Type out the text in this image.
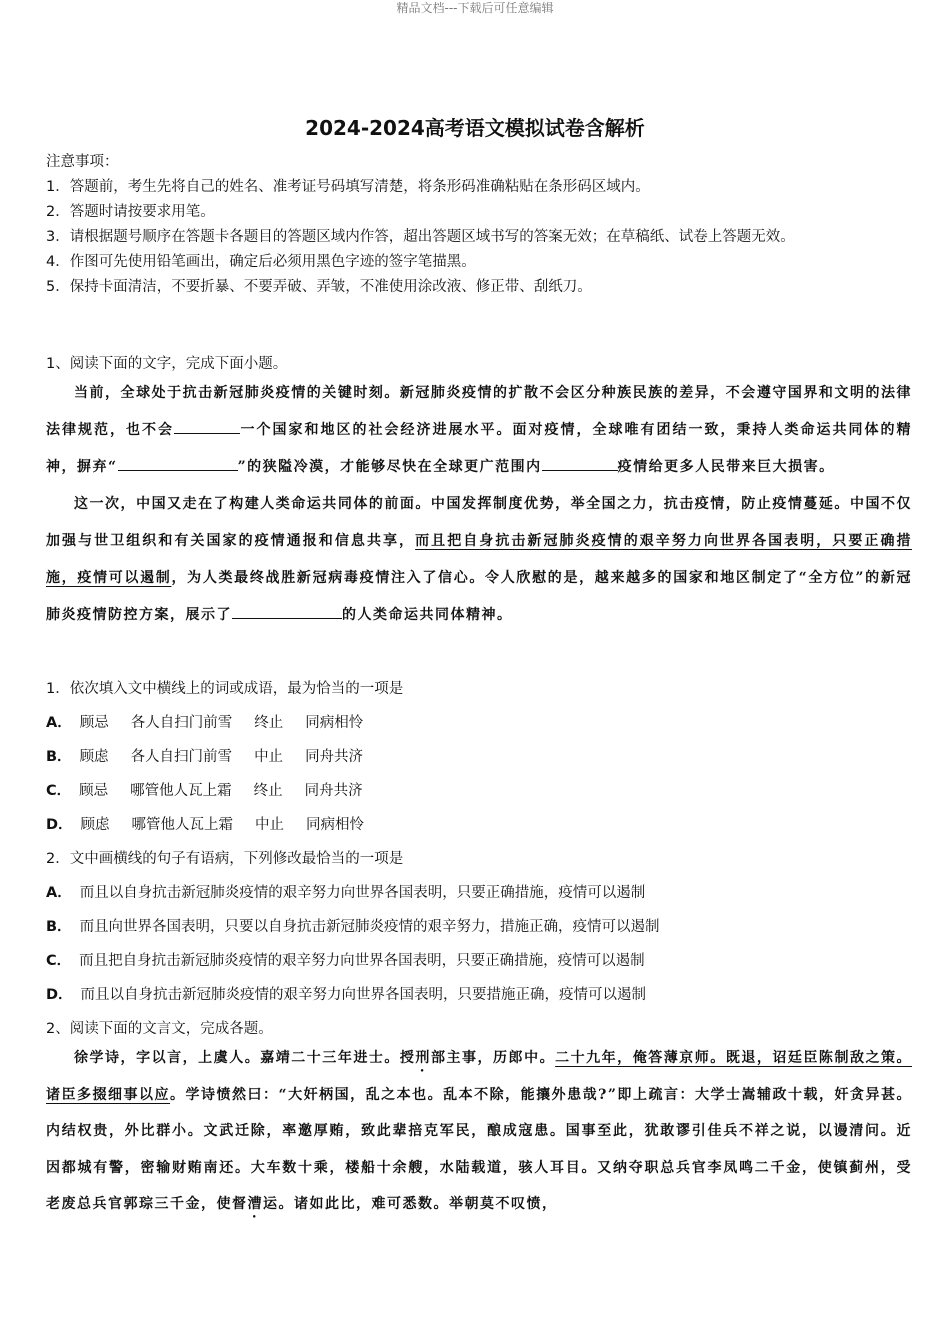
精品文档---下载后可任意编辑
2024-2024高考语文模拟试卷含解析
注意事项：
1．答题前，考生先将自己的姓名、准考证号码填写清楚，将条形码准确粘贴在条形码区域内。
2．答题时请按要求用笔。
3．请根据题号顺序在答题卡各题目的答题区域内作答，超出答题区域书写的答案无效；在草稿纸、试卷上答题无效。
4．作图可先使用铅笔画出，确定后必须用黑色字迹的签字笔描黑。
5．保持卡面清洁，不要折暴、不要弄破、弄皱，不准使用涂改液、修正带、刮纸刀。
1、阅读下面的文字，完成下面小题。

当前，全球处于抗击新冠肺炎疫情的关键时刻。新冠肺炎疫情的扩散不会区分种族民族的差异，不会遵守国界和文明的法律法律规范，也不会	一个国家和地区的社会经济进展水平。面对疫情，全球唯有团结一致，秉持人类命运共同体的精神，摒弃“	”的狭隘冷漠，才能够尽快在全球更广范围内	疫情给更多人民带来巨大损害。

这一次，中国又走在了构建人类命运共同体的前面。中国发挥制度优势，举全国之力，抗击疫情，防止疫情蔓延。中国不仅加强与世卫组织和有关国家的疫情通报和信息共享，而且把自身抗击新冠肺炎疫情的艰辛努力向世界各国表明，只要正确措施，疫情可以遏制，为人类最终战胜新冠病毒疫情注入了信心。令人欣慰的是，越来越多的国家和地区制定了“全方位”的新冠肺炎疫情防控方案，展示了	的人类命运共同体精神。

1．依次填入文中横线上的词或成语，最为恰当的一项是
A． 顾忌 各人自扫门前雪 终止 同病相怜
B． 顾虑 各人自扫门前雪 中止 同舟共济
C． 顾忌 哪管他人瓦上霜 终止 同舟共济
D． 顾虑 哪管他人瓦上霜 中止 同病相怜
2．文中画横线的句子有语病，下列修改最恰当的一项是
A． 而且以自身抗击新冠肺炎疫情的艰辛努力向世界各国表明，只要正确措施，疫情可以遏制
B． 而且向世界各国表明，只要以自身抗击新冠肺炎疫情的艰辛努力，措施正确，疫情可以遏制
C． 而且把自身抗击新冠肺炎疫情的艰辛努力向世界各国表明，只要正确措施，疫情可以遏制
D． 而且以自身抗击新冠肺炎疫情的艰辛努力向世界各国表明，只要措施正确，疫情可以遏制
2、阅读下面的文言文，完成各题。

徐学诗，字以言，上虞人。嘉靖二十三年进士。授刑部主事，历郎中。二十九年，俺答薄京师。既退，诏廷臣陈制敌之策。诸臣多掇细事以应。学诗愤然曰：“大奸柄国，乱之本也。乱本不除，能攘外患哉?”即上疏言：大学士嵩辅政十载，奸贪异甚。内结权贵，外比群小。文武迁除，率邀厚贿，致此辈掊克军民，酿成寇患。国事至此，犹敢谬引佳兵不祥之说，以谩清问。近因都城有警，密输财贿南还。大车数十乘，楼船十余艘，水陆载道，骇人耳目。又纳夺职总兵官李凤鸣二千金，使镇蓟州，受老废总兵官郭琮三千金，使督漕运。诸如此比，难可悉数。举朝莫不叹愤，
